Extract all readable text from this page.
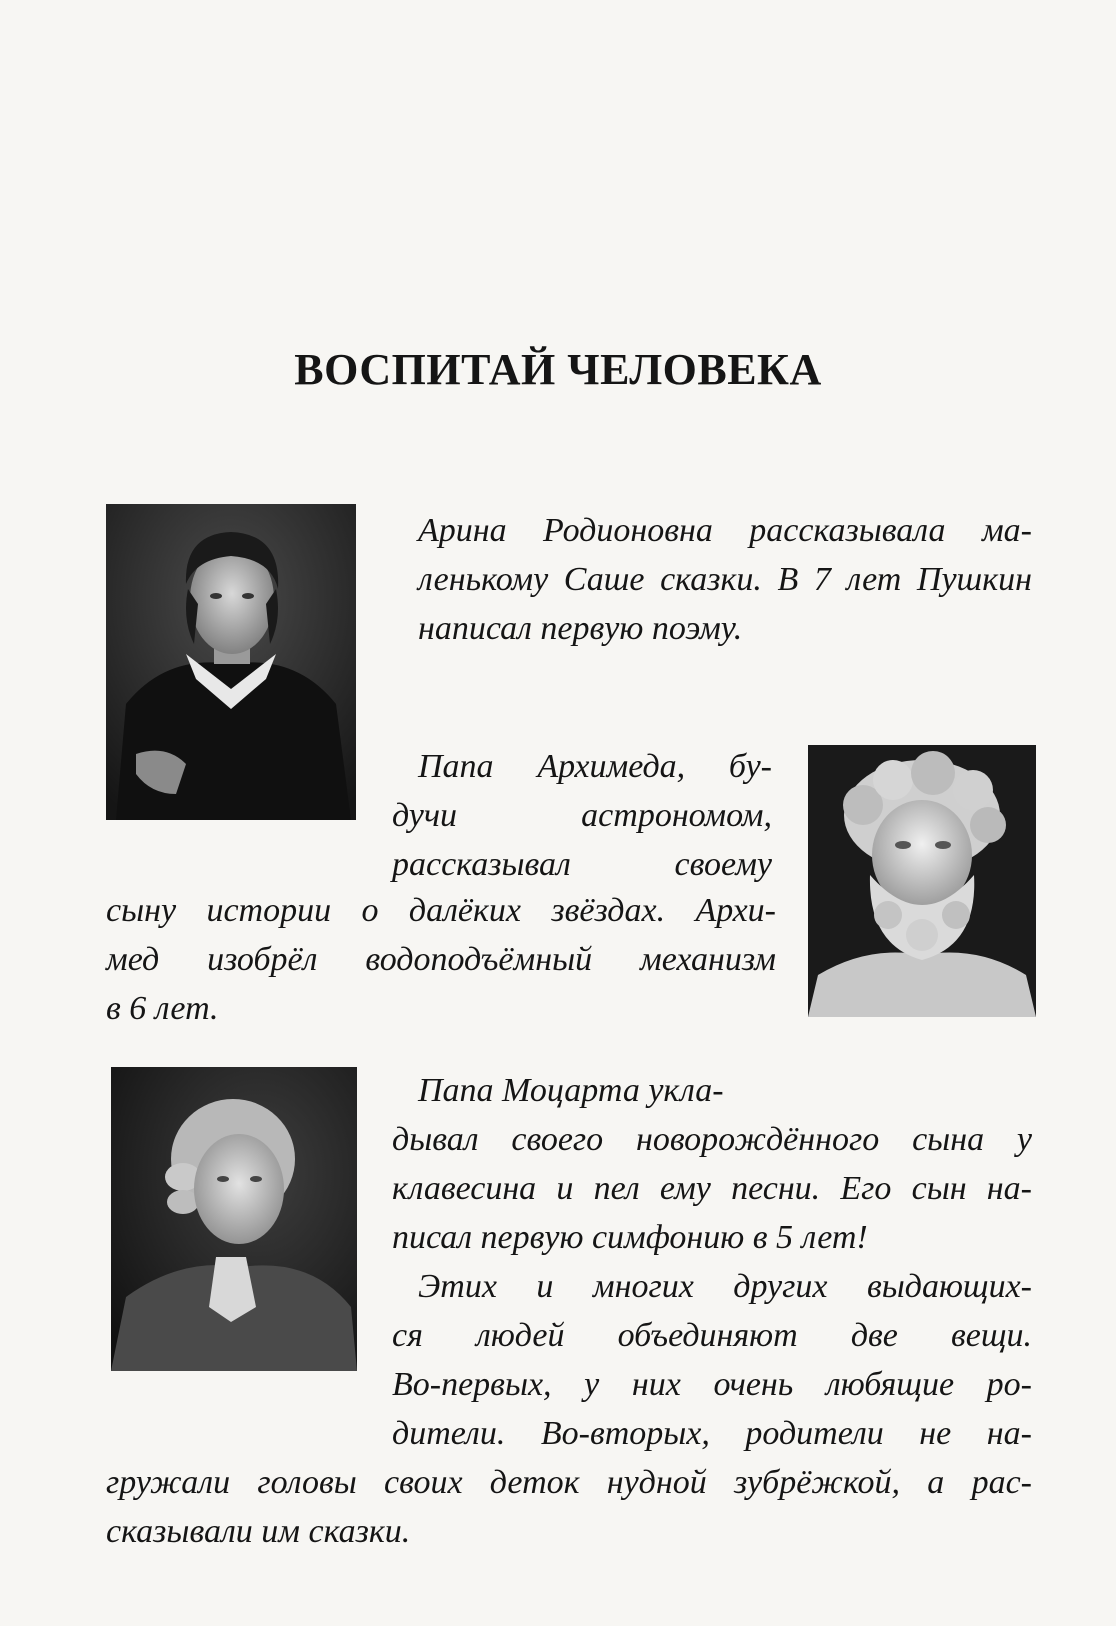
ВОСПИТАЙ ЧЕЛОВЕКА

Арина Родионовна рассказывала ма-
ленькому Саше сказки. В 7 лет Пушкин
написал первую поэму.

Папа Архимеда, бу-
дучи астрономом,
рассказывал своему

сыну истории о далёких звёздах. Архи-
мед изобрёл водоподъёмный механизм
в 6 лет.

Папа Моцарта укла-
дывал своего новорождённого сына у
клавесина и пел ему песни. Его сын на-
писал первую симфонию в 5 лет!

Этих и многих других выдающих-
ся людей объединяют две вещи.
Во-первых, у них очень любящие ро-

дители. Во-вторых, родители не на-
гружали головы своих деток нудной зубрёжкой, а рас-
сказывали им сказки.
